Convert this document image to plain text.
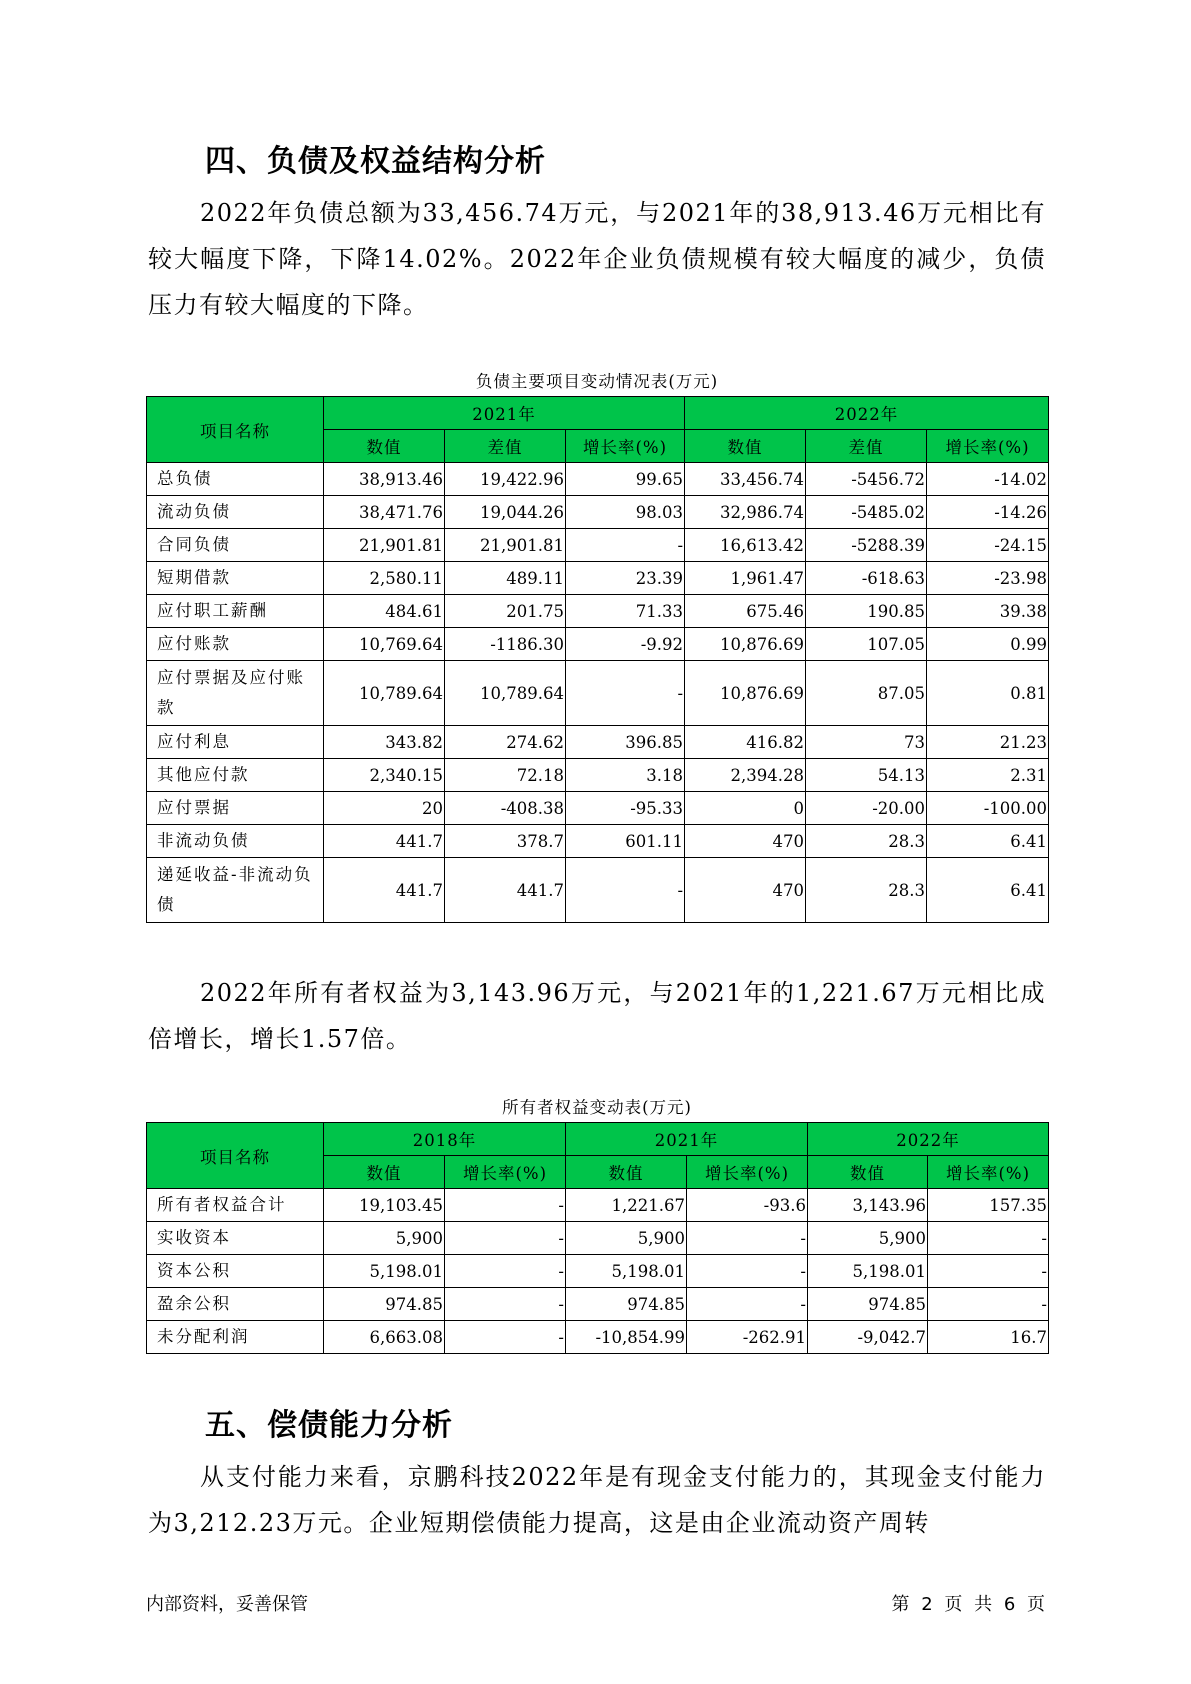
四、负债及权益结构分析

2022年负债总额为33,456.74万元，与2021年的38,913.46万元相比有较大幅度下降，下降14.02%。2022年企业负债规模有较大幅度的减少，负债压力有较大幅度的下降。

负债主要项目变动情况表(万元)
项目名称	2021年			2022年		
	数值	差值	增长率(%)	数值	差值	增长率(%)
总负债	38,913.46	19,422.96	99.65	33,456.74	-5456.72	-14.02
流动负债	38,471.76	19,044.26	98.03	32,986.74	-5485.02	-14.26
合同负债	21,901.81	21,901.81	-	16,613.42	-5288.39	-24.15
短期借款	2,580.11	489.11	23.39	1,961.47	-618.63	-23.98
应付职工薪酬	484.61	201.75	71.33	675.46	190.85	39.38
应付账款	10,769.64	-1186.30	-9.92	10,876.69	107.05	0.99
应付票据及应付账款	10,789.64	10,789.64	-	10,876.69	87.05	0.81
应付利息	343.82	274.62	396.85	416.82	73	21.23
其他应付款	2,340.15	72.18	3.18	2,394.28	54.13	2.31
应付票据	20	-408.38	-95.33	0	-20.00	-100.00
非流动负债	441.7	378.7	601.11	470	28.3	6.41
递延收益-非流动负债	441.7	441.7	-	470	28.3	6.41

2022年所有者权益为3,143.96万元，与2021年的1,221.67万元相比成倍增长，增长1.57倍。

所有者权益变动表(万元)
项目名称	2018年		2021年		2022年	
	数值	增长率(%)	数值	增长率(%)	数值	增长率(%)
所有者权益合计	19,103.45	-	1,221.67	-93.6	3,143.96	157.35
实收资本	5,900	-	5,900	-	5,900	-
资本公积	5,198.01	-	5,198.01	-	5,198.01	-
盈余公积	974.85	-	974.85	-	974.85	-
未分配利润	6,663.08	-	-10,854.99	-262.91	-9,042.7	16.7
五、偿债能力分析

从支付能力来看，京鹏科技2022年是有现金支付能力的，其现金支付能力为3,212.23万元。企业短期偿债能力提高，这是由企业流动资产周转

内部资料，妥善保管	第 2 页 共 6 页
